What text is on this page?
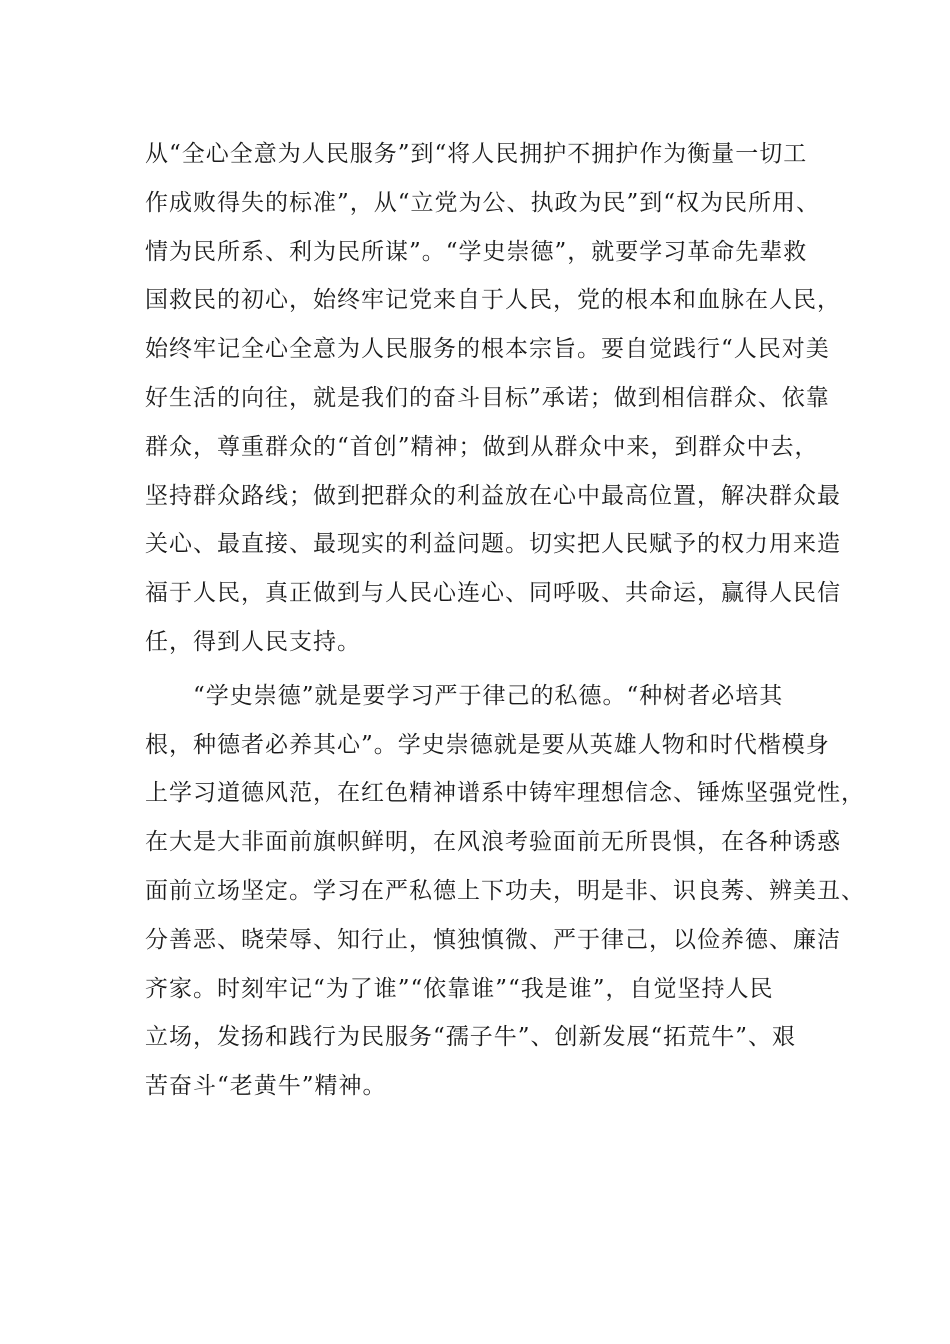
从“全心全意为人民服务”到“将人民拥护不拥护作为衡量一切工
作成败得失的标准”，从“立党为公、执政为民”到“权为民所用、
情为民所系、利为民所谋”。“学史崇德”，就要学习革命先辈救
国救民的初心，始终牢记党来自于人民，党的根本和血脉在人民，
始终牢记全心全意为人民服务的根本宗旨。要自觉践行“人民对美
好生活的向往，就是我们的奋斗目标”承诺；做到相信群众、依靠
群众，尊重群众的“首创”精神；做到从群众中来，到群众中去，
坚持群众路线；做到把群众的利益放在心中最高位置，解决群众最
关心、最直接、最现实的利益问题。切实把人民赋予的权力用来造
福于人民，真正做到与人民心连心、同呼吸、共命运，赢得人民信
任，得到人民支持。
　　“学史崇德”就是要学习严于律己的私德。“种树者必培其
根，种德者必养其心”。学史崇德就是要从英雄人物和时代楷模身
上学习道德风范，在红色精神谱系中铸牢理想信念、锤炼坚强党性，
在大是大非面前旗帜鲜明，在风浪考验面前无所畏惧，在各种诱惑
面前立场坚定。学习在严私德上下功夫，明是非、识良莠、辨美丑、
分善恶、晓荣辱、知行止，慎独慎微、严于律己，以俭养德、廉洁
齐家。时刻牢记“为了谁”“依靠谁”“我是谁”，自觉坚持人民
立场，发扬和践行为民服务“孺子牛”、创新发展“拓荒牛”、艰
苦奋斗“老黄牛”精神。
